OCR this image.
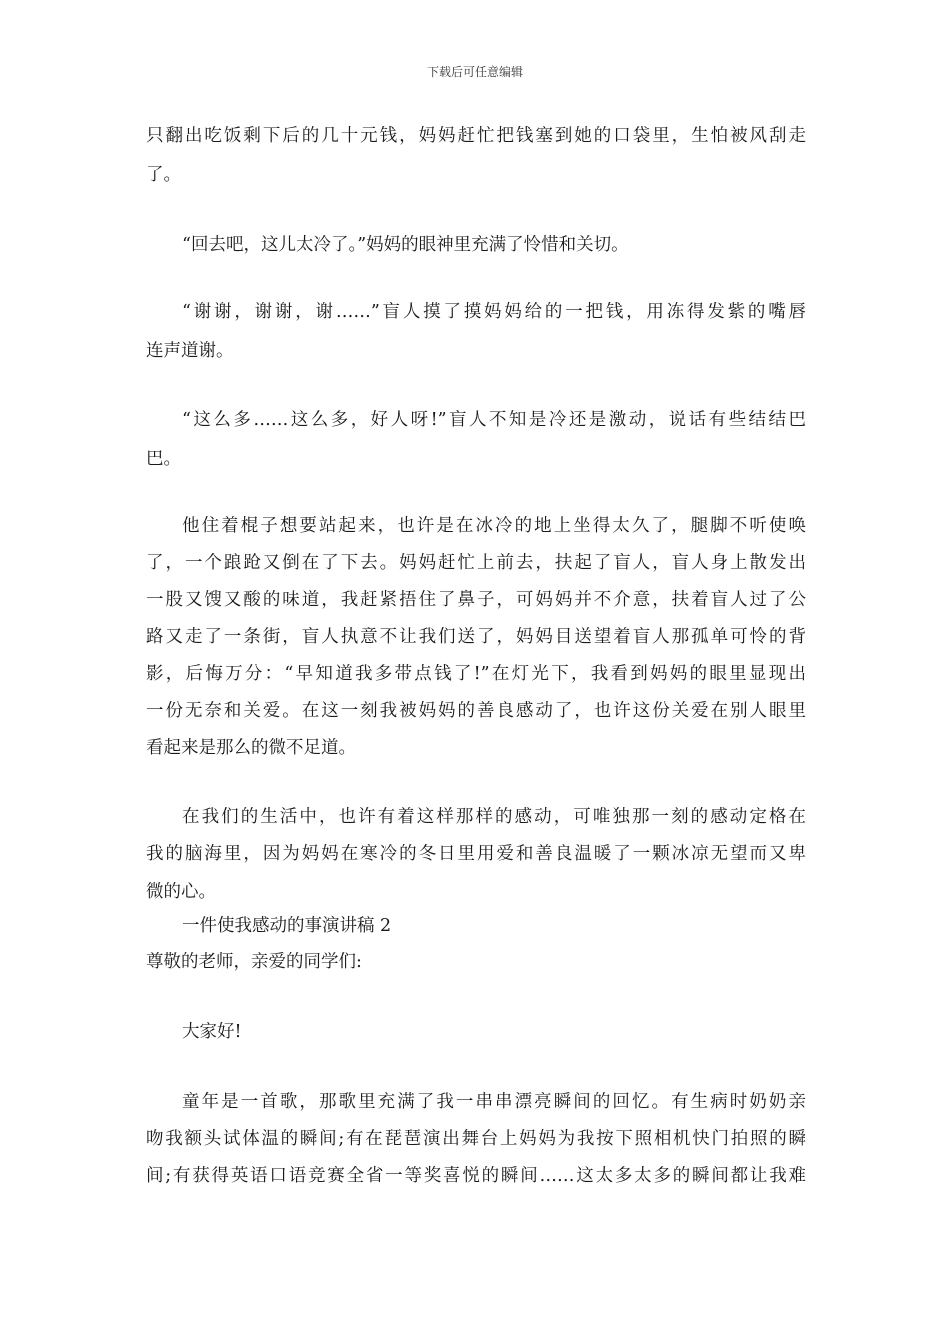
下载后可任意编辑
只翻出吃饭剩下后的几十元钱，妈妈赶忙把钱塞到她的口袋里，生怕被风刮走
了。
“回去吧，这儿太冷了。”妈妈的眼神里充满了怜惜和关切。
“谢谢，谢谢，谢……”盲人摸了摸妈妈给的一把钱，用冻得发紫的嘴唇
连声道谢。
“这么多……这么多，好人呀!”盲人不知是冷还是激动，说话有些结结巴
巴。
他住着棍子想要站起来，也许是在冰冷的地上坐得太久了，腿脚不听使唤
了，一个踉跄又倒在了下去。妈妈赶忙上前去，扶起了盲人，盲人身上散发出
一股又馊又酸的味道，我赶紧捂住了鼻子，可妈妈并不介意，扶着盲人过了公
路又走了一条街，盲人执意不让我们送了，妈妈目送望着盲人那孤单可怜的背
影，后悔万分：“早知道我多带点钱了!”在灯光下，我看到妈妈的眼里显现出
一份无奈和关爱。在这一刻我被妈妈的善良感动了，也许这份关爱在别人眼里
看起来是那么的微不足道。
在我们的生活中，也许有着这样那样的感动，可唯独那一刻的感动定格在
我的脑海里，因为妈妈在寒冷的冬日里用爱和善良温暖了一颗冰凉无望而又卑
微的心。
一件使我感动的事演讲稿 2
尊敬的老师，亲爱的同学们:
大家好!
童年是一首歌，那歌里充满了我一串串漂亮瞬间的回忆。有生病时奶奶亲
吻我额头试体温的瞬间;有在琵琶演出舞台上妈妈为我按下照相机快门拍照的瞬
间;有获得英语口语竞赛全省一等奖喜悦的瞬间……这太多太多的瞬间都让我难
